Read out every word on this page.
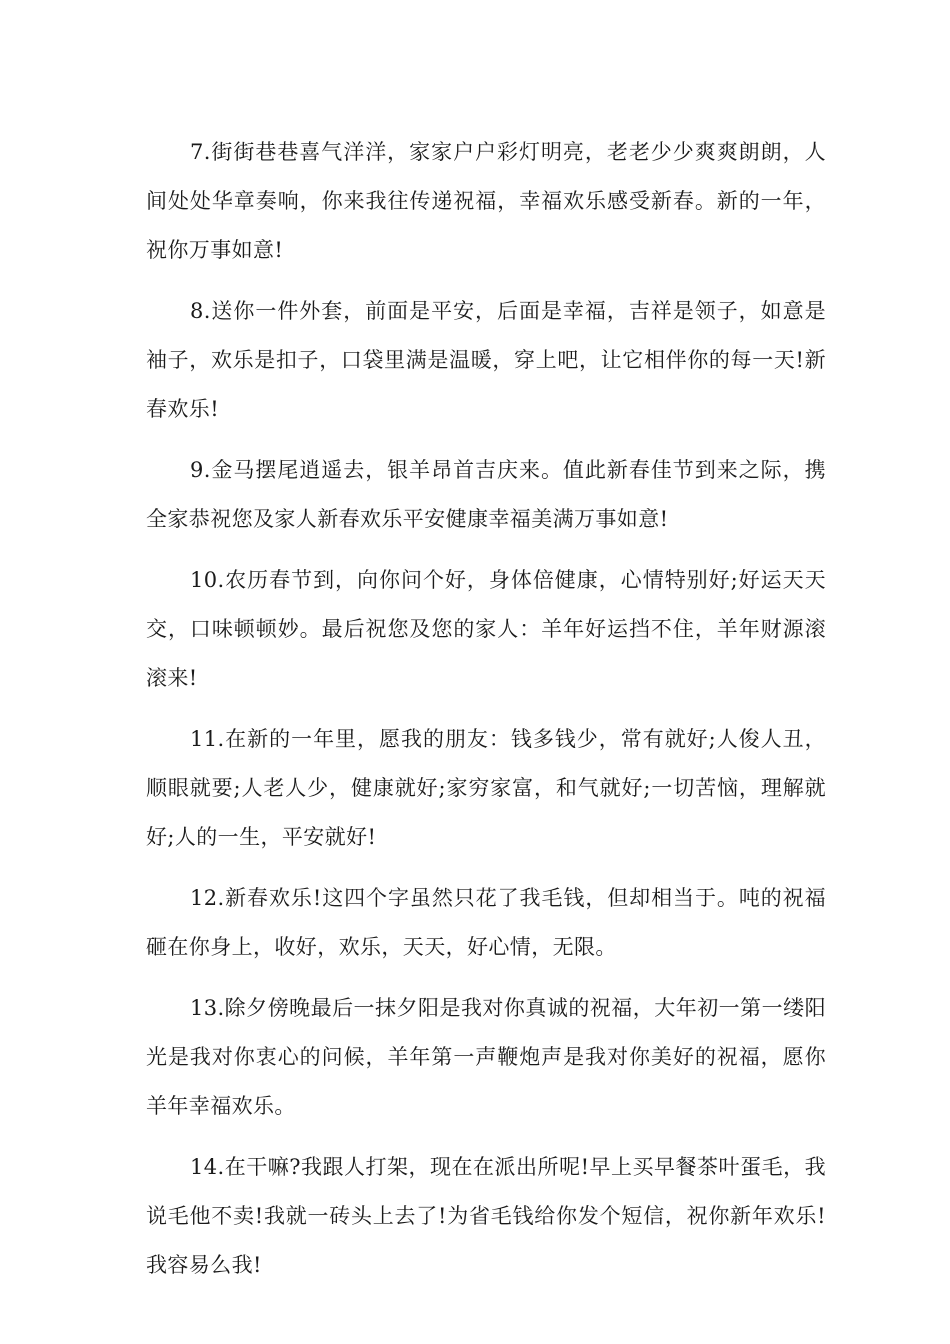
7.街街巷巷喜气洋洋，家家户户彩灯明亮，老老少少爽爽朗朗，人间处处华章奏响，你来我往传递祝福，幸福欢乐感受新春。新的一年，祝你万事如意!

8.送你一件外套，前面是平安，后面是幸福，吉祥是领子，如意是袖子，欢乐是扣子，口袋里满是温暖，穿上吧，让它相伴你的每一天!新春欢乐!

9.金马摆尾逍遥去，银羊昂首吉庆来。值此新春佳节到来之际，携全家恭祝您及家人新春欢乐平安健康幸福美满万事如意!

10.农历春节到，向你问个好，身体倍健康，心情特别好;好运天天交，口味顿顿妙。最后祝您及您的家人：羊年好运挡不住，羊年财源滚滚来!

11.在新的一年里，愿我的朋友：钱多钱少，常有就好;人俊人丑，顺眼就要;人老人少，健康就好;家穷家富，和气就好;一切苦恼，理解就好;人的一生，平安就好!

12.新春欢乐!这四个字虽然只花了我毛钱，但却相当于。吨的祝福砸在你身上，收好，欢乐，天天，好心情，无限。

13.除夕傍晚最后一抹夕阳是我对你真诚的祝福，大年初一第一缕阳光是我对你衷心的问候，羊年第一声鞭炮声是我对你美好的祝福，愿你羊年幸福欢乐。

14.在干嘛?我跟人打架，现在在派出所呢!早上买早餐茶叶蛋毛，我说毛他不卖!我就一砖头上去了!为省毛钱给你发个短信，祝你新年欢乐!我容易么我!
